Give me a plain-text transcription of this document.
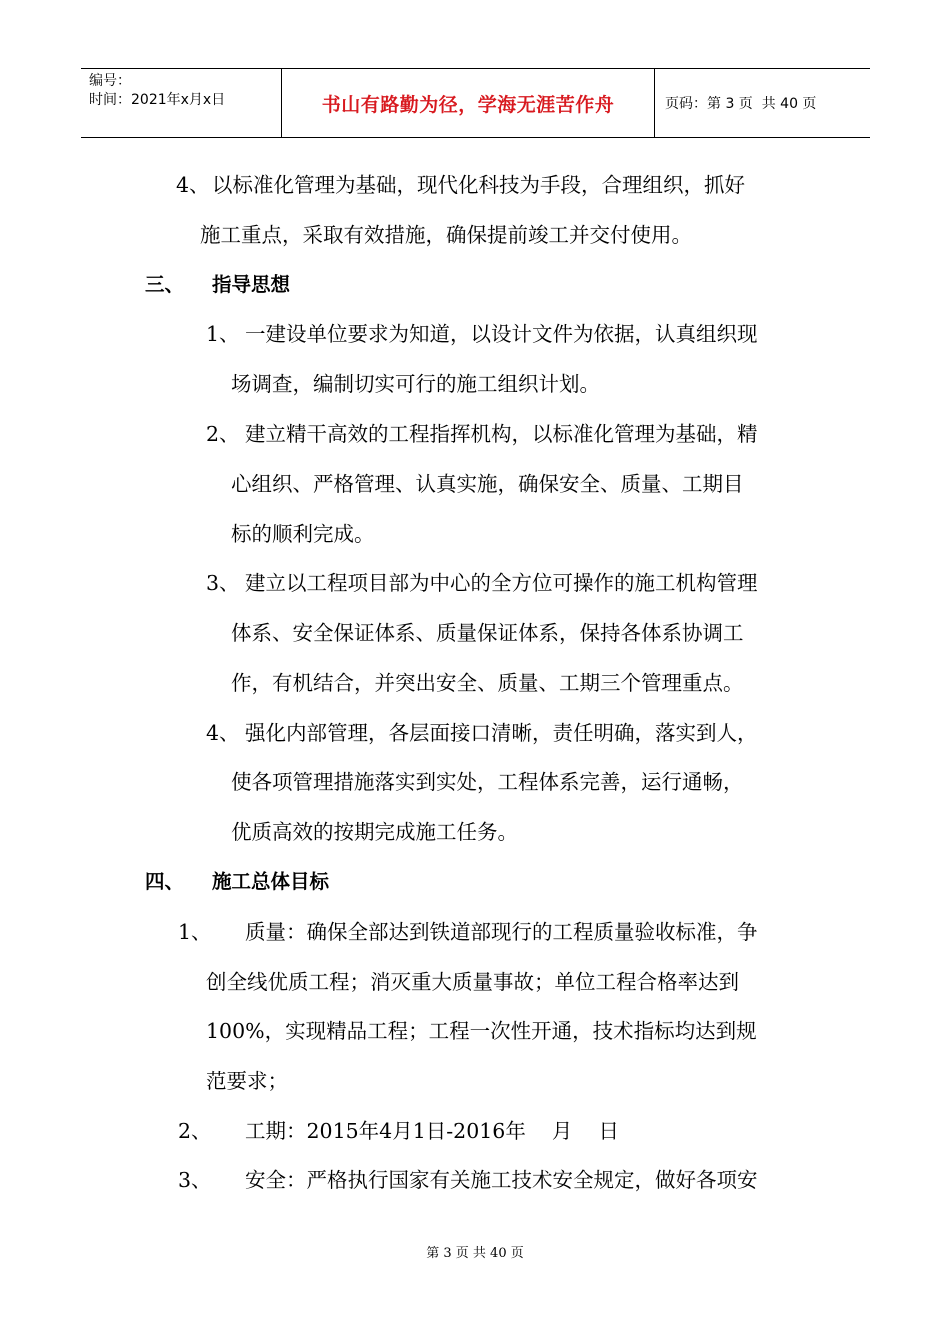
编号：
时间：2021年x月x日	书山有路勤为径，学海无涯苦作舟	页码：第 3 页  共 40 页
4、 以标准化管理为基础，现代化科技为手段，合理组织，抓好
施工重点，采取有效措施，确保提前竣工并交付使用。
三、 指导思想
1、 一建设单位要求为知道，以设计文件为依据，认真组织现
场调查，编制切实可行的施工组织计划。
2、 建立精干高效的工程指挥机构，以标准化管理为基础，精
心组织、严格管理、认真实施，确保安全、质量、工期目
标的顺利完成。
3、 建立以工程项目部为中心的全方位可操作的施工机构管理
体系、安全保证体系、质量保证体系，保持各体系协调工
作，有机结合，并突出安全、质量、工期三个管理重点。
4、 强化内部管理，各层面接口清晰，责任明确，落实到人，
使各项管理措施落实到实处，工程体系完善，运行通畅，
优质高效的按期完成施工任务。
四、 施工总体目标
1、 质量：确保全部达到铁道部现行的工程质量验收标准，争
创全线优质工程；消灭重大质量事故；单位工程合格率达到
100%，实现精品工程；工程一次性开通，技术指标均达到规
范要求；
2、 工期：2015年4月1日-2016年    月    日
3、 安全：严格执行国家有关施工技术安全规定，做好各项安
第 3 页 共 40 页
